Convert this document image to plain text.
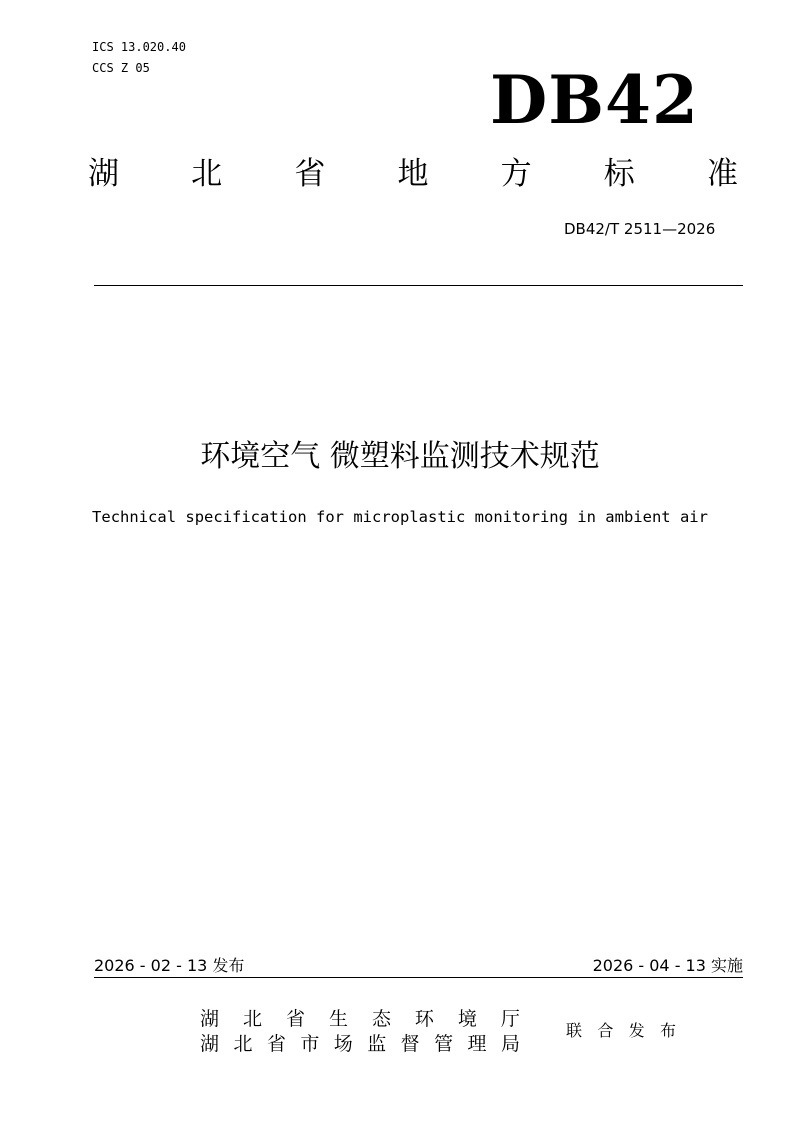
ICS 13.020.40
CCS Z 05	DB42
湖 北 省 地 方 标 准
DB42/T 2511—2026
环境空气 微塑料监测技术规范
Technical specification for microplastic monitoring in ambient air
2026 - 02 - 13 发布	2026 - 04 - 13 实施
湖 北 省 生 态 环 境 厅
湖 北 省 市 场 监 督 管 理 局
联 合 发 布
